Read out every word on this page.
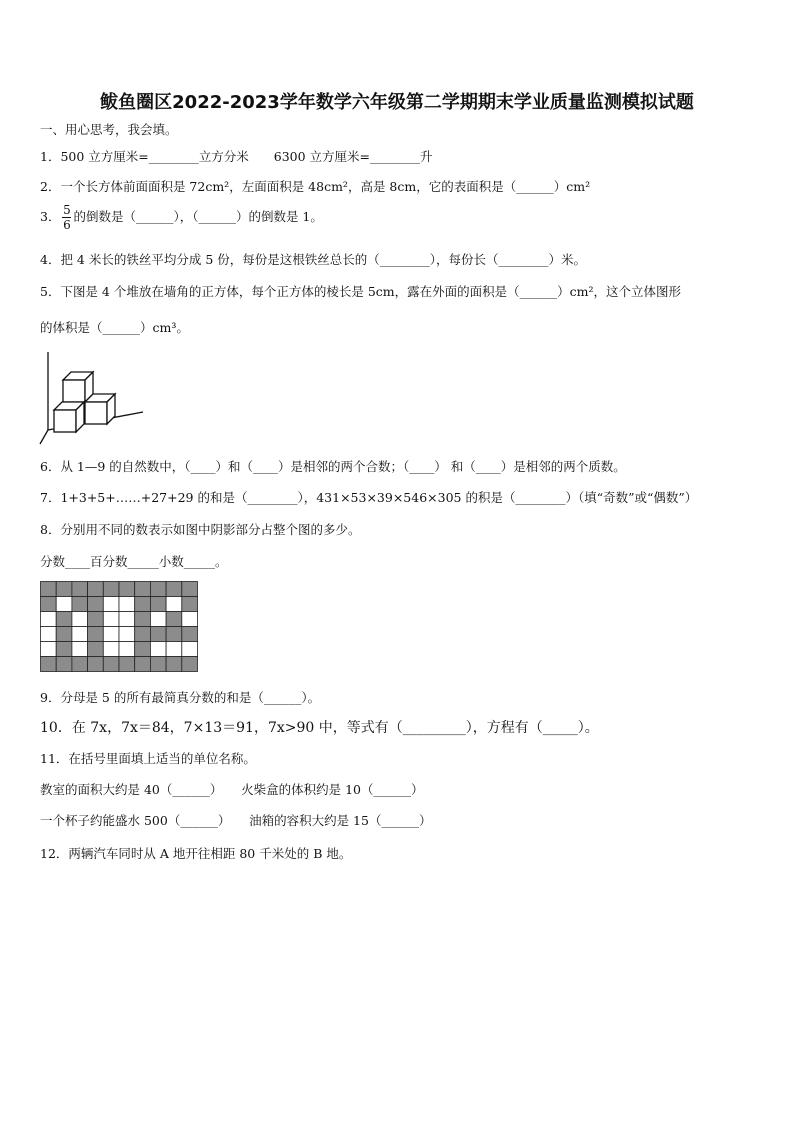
鲅鱼圈区2022-2023学年数学六年级第二学期期末学业质量监测模拟试题
一、用心思考，我会填。
1．500 立方厘米=________立方分米　　6300 立方厘米=________升
2．一个长方体前面面积是 72cm²，左面面积是 48cm²，高是 8cm，它的表面积是（______）cm²
3． $\frac{5}{6}$ 的倒数是（______），（______）的倒数是 1。
4．把 4 米长的铁丝平均分成 5 份，每份是这根铁丝总长的（________），每份长（________）米。
5．下图是 4 个堆放在墙角的正方体，每个正方体的棱长是 5cm，露在外面的面积是（______）cm²，这个立体图形
的体积是（______）cm³。
6．从 1—9 的自然数中，（____）和（____）是相邻的两个合数；（____） 和（____）是相邻的两个质数。
7．1+3+5+……+27+29 的和是（________），431×53×39×546×305 的积是（________）（填“奇数”或“偶数”）
8．分别用不同的数表示如图中阴影部分占整个图的多少。
分数____百分数_____小数_____。
9．分母是 5 的所有最简真分数的和是（______）。
10．在 7x，7x＝84，7×13＝91，7x>90 中，等式有（_________），方程有（_____）。
11．在括号里面填上适当的单位名称。
教室的面积大约是 40（______）　　火柴盒的体积约是 10（______）
一个杯子约能盛水 500（______）　　油箱的容积大约是 15（______）
12．两辆汽车同时从 A 地开往相距 80 千米处的 B 地。
